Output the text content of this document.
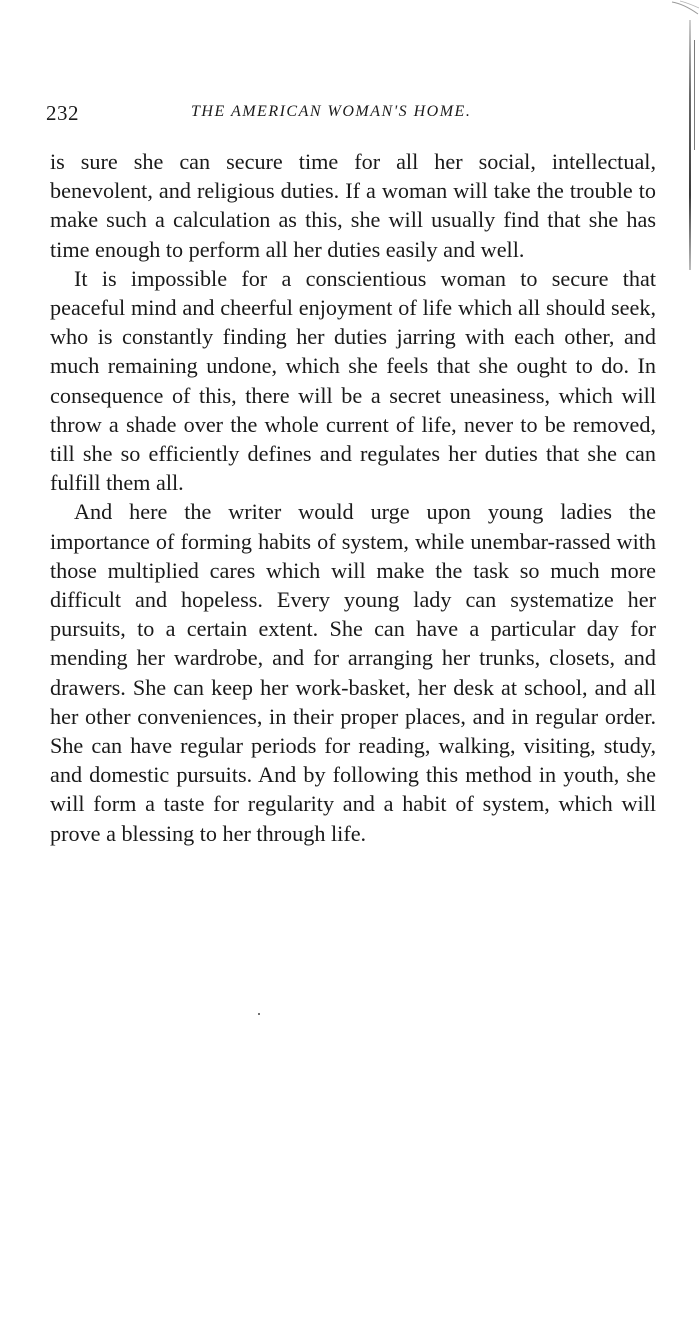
232	THE AMERICAN WOMAN'S HOME.

is sure she can secure time for all her social, intellectual, benevolent, and religious duties. If a woman will take the trouble to make such a calculation as this, she will usually find that she has time enough to perform all her duties easily and well.

It is impossible for a conscientious woman to secure that peaceful mind and cheerful enjoyment of life which all should seek, who is constantly finding her duties jarring with each other, and much remaining undone, which she feels that she ought to do. In consequence of this, there will be a secret uneasiness, which will throw a shade over the whole current of life, never to be removed, till she so efficiently defines and regulates her duties that she can fulfill them all.

And here the writer would urge upon young ladies the importance of forming habits of system, while unembar-rassed with those multiplied cares which will make the task so much more difficult and hopeless. Every young lady can systematize her pursuits, to a certain extent. She can have a particular day for mending her wardrobe, and for arranging her trunks, closets, and drawers. She can keep her work-basket, her desk at school, and all her other conveniences, in their proper places, and in regular order. She can have regular periods for reading, walking, visiting, study, and domestic pursuits. And by following this method in youth, she will form a taste for regularity and a habit of system, which will prove a blessing to her through life.
